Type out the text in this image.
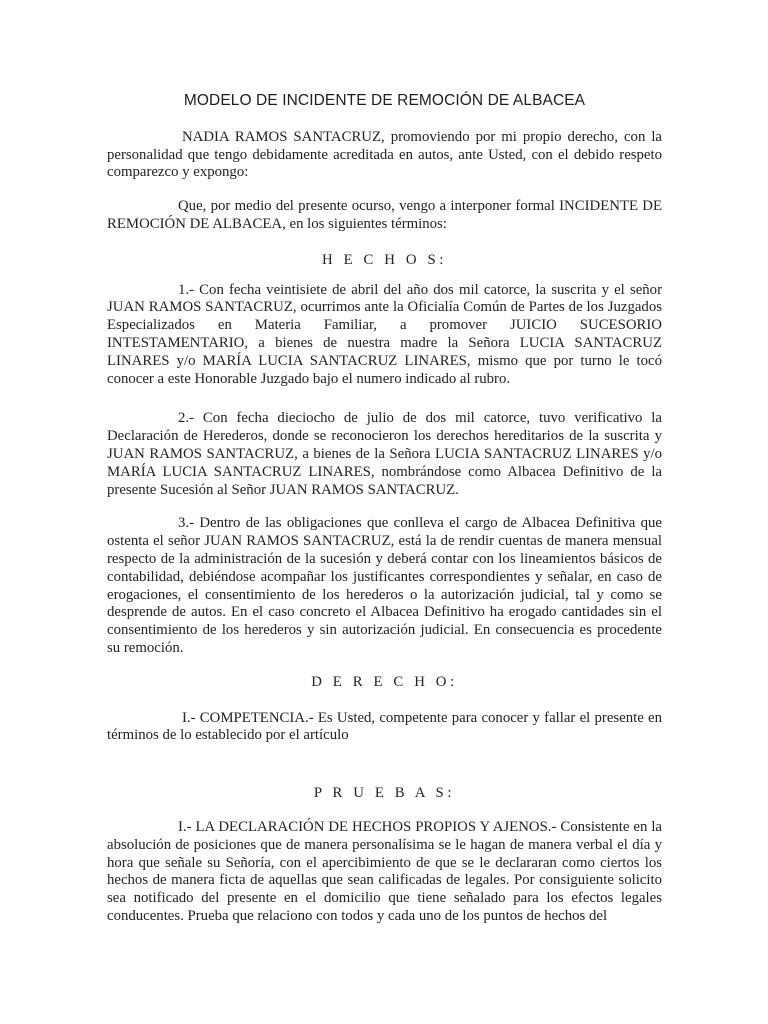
MODELO DE INCIDENTE DE REMOCIÓN DE ALBACEA

NADIA RAMOS SANTACRUZ, promoviendo por mi propio derecho, con la personalidad que tengo debidamente acreditada en autos, ante Usted, con el debido respeto comparezco y expongo:

Que, por medio del presente ocurso, vengo a interponer formal INCIDENTE DE REMOCIÓN DE ALBACEA, en los siguientes términos:

H E C H O S:

1.- Con fecha veintisiete de abril del año dos mil catorce, la suscrita y el señor JUAN RAMOS SANTACRUZ, ocurrimos ante la Oficialía Común de Partes de los Juzgados Especializados en Materia Familiar, a promover JUICIO SUCESORIO INTESTAMENTARIO, a bienes de nuestra madre la Señora LUCIA SANTACRUZ LINARES y/o MARÍA LUCIA SANTACRUZ LINARES, mismo que por turno le tocó conocer a este Honorable Juzgado bajo el numero indicado al rubro.

2.- Con fecha dieciocho de julio de dos mil catorce, tuvo verificativo la Declaración de Herederos, donde se reconocieron los derechos hereditarios de la suscrita y JUAN RAMOS SANTACRUZ, a bienes de la Señora LUCIA SANTACRUZ LINARES y/o MARÍA LUCIA SANTACRUZ LINARES, nombrándose como Albacea Definitivo de la presente Sucesión al Señor JUAN RAMOS SANTACRUZ.

3.- Dentro de las obligaciones que conlleva el cargo de Albacea Definitiva que ostenta el señor JUAN RAMOS SANTACRUZ, está la de rendir cuentas de manera mensual respecto de la administración de la sucesión y deberá contar con los lineamientos básicos de contabilidad, debiéndose acompañar los justificantes correspondientes y señalar, en caso de erogaciones, el consentimiento de los herederos o la autorización judicial, tal y como se desprende de autos. En el caso concreto el Albacea Definitivo ha erogado cantidades sin el consentimiento de los herederos y sin autorización judicial. En consecuencia es procedente su remoción.

D E R E C H O:

I.- COMPETENCIA.- Es Usted, competente para conocer y fallar el presente en términos de lo establecido por el artículo

P R U E B A S:

I.- LA DECLARACIÓN DE HECHOS PROPIOS Y AJENOS.- Consistente en la absolución de posiciones que de manera personalísima se le hagan de manera verbal el día y hora que señale su Señoría, con el apercibimiento de que se le declararan como ciertos los hechos de manera ficta de aquellas que sean calificadas de legales. Por consiguiente solicito sea notificado del presente en el domicilio que tiene señalado para los efectos legales conducentes. Prueba que relaciono con todos y cada uno de los puntos de hechos del
